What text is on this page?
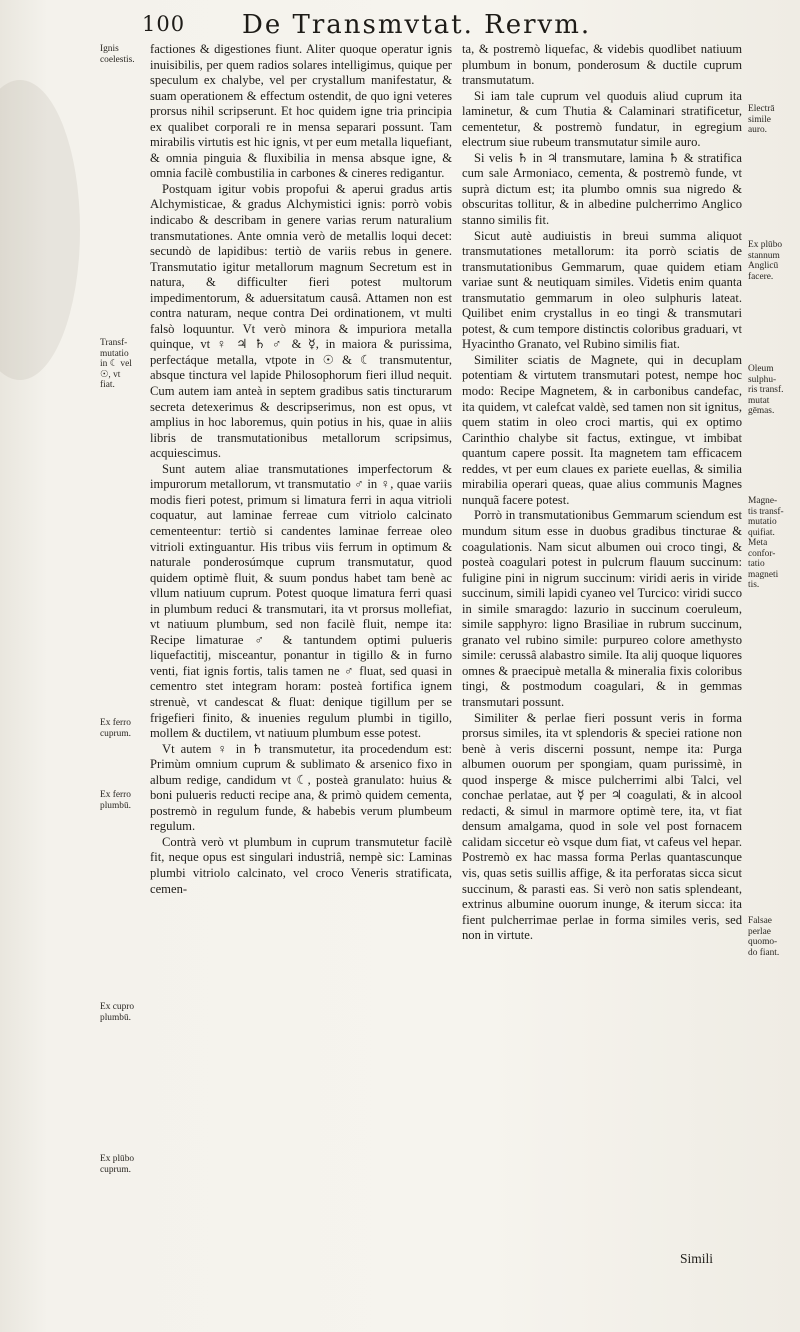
100 De Transmvtat. Rervm.

factiones & digestiones fiunt. Aliter quoque operatur ignis inuisibilis, per quem radios solares intelligimus, quique per speculum ex chalybe, vel per crystallum manifestatur, & suam operationem & effectum ostendit, de quo igni veteres prorsus nihil scripserunt. Et hoc quidem igne tria principia ex qualibet corporali re in mensa separari possunt. Tam mirabilis virtutis est hic ignis, vt per eum metalla liquefiant, & omnia pinguia & fluxibilia in mensa absque igne, & omnia facilè combustilia in carbones & cineres redigantur.

Postquam igitur vobis propofui & aperui gradus artis Alchymisticae, & gradus Alchymistici ignis: porrò vobis indicabo & describam in genere varias rerum naturalium transmutationes. Ante omnia verò de metallis loqui decet: secundò de lapidibus: tertiò de variis rebus in genere. Transmutatio igitur metallorum magnum Secretum est in natura, & difficulter fieri potest multorum impedimentorum, & aduersitatum causâ. Attamen non est contra naturam, neque contra Dei ordinationem, vt multi falsò loquuntur. Vt verò minora & impuriora metalla quinque, vt ♀ ♃ ♄ ♂ & ☿, in maiora & purissima, perfectáque metalla, vtpote in ☉ & ☾ transmutentur, absque tinctura vel lapide Philosophorum fieri illud nequit. Cum autem iam anteà in septem gradibus satis tincturarum secreta detexerimus & descripserimus, non est opus, vt amplius in hoc laboremus, quin potius in his, quae in aliis libris de transmutationibus metallorum scripsimus, acquiescimus.

Sunt autem aliae transmutationes imperfectorum & impurorum metallorum, vt transmutatio ♂ in ♀, quae variis modis fieri potest, primum si limatura ferri in aqua vitrioli coquatur, aut laminae ferreae cum vitriolo calcinato cementeentur: tertiò si candentes laminae ferreae oleo vitrioli extinguantur. His tribus viis ferrum in optimum & naturale ponderosúmque cuprum transmutatur, quod quidem optimè fluit, & suum pondus habet tam benè ac vllum natiuum cuprum. Potest quoque limatura ferri quasi in plumbum reduci & transmutari, ita vt prorsus mollefiat, vt natiuum plumbum, sed non facilè fluit, nempe ita: Recipe limaturae ♂ & tantundem optimi pulueris liquefactitij, misceantur, ponantur in tigillo & in furno venti, fiat ignis fortis, talis tamen ne ♂ fluat, sed quasi in cementro stet integram horam: posteà fortifica ignem strenuè, vt candescat & fluat: denique tigillum per se frigefieri finito, & inuenies regulum plumbi in tigillo, mollem & ductilem, vt natiuum plumbum esse potest.

Vt autem ♀ in ♄ transmutetur, ita procedendum est: Primùm omnium cuprum & sublimato & arsenico fixo in album redige, candidum vt ☾, posteà granulato: huius & boni pulueris reducti recipe ana, & primò quidem cementa, postremò in regulum funde, & habebis verum plumbeum regulum.

Contrà verò vt plumbum in cuprum transmutetur facilè fit, neque opus est singulari industriâ, nempè sic: Laminas plumbi vitriolo calcinato, vel croco Veneris stratificata, cemen-

ta, & postremò liquefac, & videbis quodlibet natiuum plumbum in bonum, ponderosum & ductile cuprum transmutatum.

Si iam tale cuprum vel quoduis aliud cuprum ita laminetur, & cum Thutia & Calaminari stratificetur, cementetur, & postremò fundatur, in egregium electrum siue rubeum transmutatur simile auro.

Si velis ♄ in ♃ transmutare, lamina ♄ & stratifica cum sale Armoniaco, cementa, & postremò funde, vt suprà dictum est; ita plumbo omnis sua nigredo & obscuritas tollitur, & in albedine pulcherrimo Anglico stanno similis fit.

Sicut autè audiuistis in breui summa aliquot transmutationes metallorum: ita porrò sciatis de transmutationibus Gemmarum, quae quidem etiam variae sunt & neutiquam similes. Videtis enim quanta transmutatio gemmarum in oleo sulphuris lateat. Quilibet enim crystallus in eo tingi & transmutari potest, & cum tempore distinctis coloribus graduari, vt Hyacintho Granato, vel Rubino similis fiat.

Similiter sciatis de Magnete, qui in decuplam potentiam & virtutem transmutari potest, nempe hoc modo: Recipe Magnetem, & in carbonibus candefac, ita quidem, vt calefcat valdè, sed tamen non sit ignitus, quem statim in oleo croci martis, qui ex optimo Carinthio chalybe sit factus, extingue, vt imbibat quantum capere possit. Ita magnetem tam efficacem reddes, vt per eum claues ex pariete euellas, & similia mirabilia operari queas, quae alius communis Magnes nunquã facere potest.

Porrò in transmutationibus Gemmarum sciendum est mundum situm esse in duobus gradibus tincturae & coagulationis. Nam sicut albumen oui croco tingi, & posteà coagulari potest in pulcrum flauum succinum: fuligine pini in nigrum succinum: viridi aeris in viride succinum, simili lapidi cyaneo vel Turcico: viridi succo in simile smaragdo: lazurio in succinum coeruleum, simile sapphyro: ligno Brasiliae in rubrum succinum, granato vel rubino simile: purpureo colore amethysto simile: cerussâ alabastro simile. Ita alij quoque liquores omnes & praecipuè metalla & mineralia fixis coloribus tingi, & postmodum coagulari, & in gemmas transmutari possunt.

Similiter & perlae fieri possunt veris in forma prorsus similes, ita vt splendoris & speciei ratione non benè à veris discerni possunt, nempe ita: Purga albumen ouorum per spongiam, quam purissimè, in quod insperge & misce pulcherrimi albi Talci, vel conchae perlatae, aut ☿ per ♃ coagulati, & in alcool redacti, & simul in marmore optimè tere, ita, vt fiat densum amalgama, quod in sole vel post fornacem calidam siccetur eò vsque dum fiat, vt cafeus vel hepar. Postremò ex hac massa forma Perlas quantascunque vis, quas setis suillis affige, & ita perforatas sicca sicut succinum, & parasti eas. Si verò non satis splendeant, extrinus albumine ouorum inunge, & iterum sicca: ita fient pulcherrimae perlae in forma similes veris, sed non in virtute.

Ignis
coelestis.
Transf-
mutatio
in ☾ vel
☉, vt
fiat.
Ex ferro
cuprum.
Ex ferro
plumbū.
Ex cupro
plumbū.
Ex plūbo
cuprum.
Electrā
simile
auro.
Ex plūbo
stannum
Anglicū
facere.
Oleum
sulphu-
ris transf.
mutat
gēmas.
Magne-
tis transf-
mutatio
quifiat.
Meta
confor-
tatio
magneti
tis.
Falsae
perlae
quomo-
do fiant.
Simili
